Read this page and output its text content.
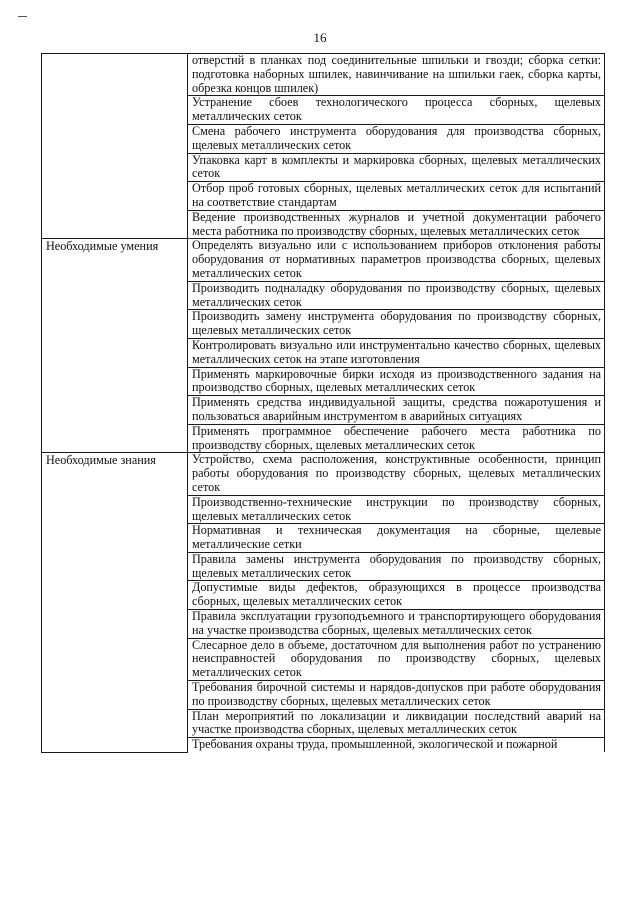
16
	отверстий в планках под соединительные шпильки и гвозди; сборка сетки: подготовка наборных шпилек, навинчивание на шпильки гаек, сборка карты, обрезка концов шпилек)
	Устранение сбоев технологического процесса сборных, щелевых металлических сеток
	Смена рабочего инструмента оборудования для производства сборных, щелевых металлических сеток
	Упаковка карт в комплекты и маркировка сборных, щелевых металлических сеток
	Отбор проб готовых сборных, щелевых металлических сеток для испытаний на соответствие стандартам
	Ведение производственных журналов и учетной документации рабочего места работника по производству сборных, щелевых металлических сеток
Необходимые умения	Определять визуально или с использованием приборов отклонения работы оборудования от нормативных параметров производства сборных, щелевых металлических сеток
	Производить подналадку оборудования по производству сборных, щелевых металлических сеток
	Производить замену инструмента оборудования по производству сборных, щелевых металлических сеток
	Контролировать визуально или инструментально качество сборных, щелевых металлических сеток на этапе изготовления
	Применять маркировочные бирки исходя из производственного задания на производство сборных, щелевых металлических сеток
	Применять средства индивидуальной защиты, средства пожаротушения и пользоваться аварийным инструментом в аварийных ситуациях
	Применять программное обеспечение рабочего места работника по производству сборных, щелевых металлических сеток
Необходимые знания	Устройство, схема расположения, конструктивные особенности, принцип работы оборудования по производству сборных, щелевых металлических сеток
	Производственно-технические инструкции по производству сборных, щелевых металлических сеток
	Нормативная и техническая документация на сборные, щелевые металлические сетки
	Правила замены инструмента оборудования по производству сборных, щелевых металлических сеток
	Допустимые виды дефектов, образующихся в процессе производства сборных, щелевых металлических сеток
	Правила эксплуатации грузоподъемного и транспортирующего оборудования на участке производства сборных, щелевых металлических сеток
	Слесарное дело в объеме, достаточном для выполнения работ по устранению неисправностей оборудования по производству сборных, щелевых металлических сеток
	Требования бирочной системы и нарядов-допусков при работе оборудования по производству сборных, щелевых металлических сеток
	План мероприятий по локализации и ликвидации последствий аварий на участке производства сборных, щелевых металлических сеток
	Требования охраны труда, промышленной, экологической и пожарной
